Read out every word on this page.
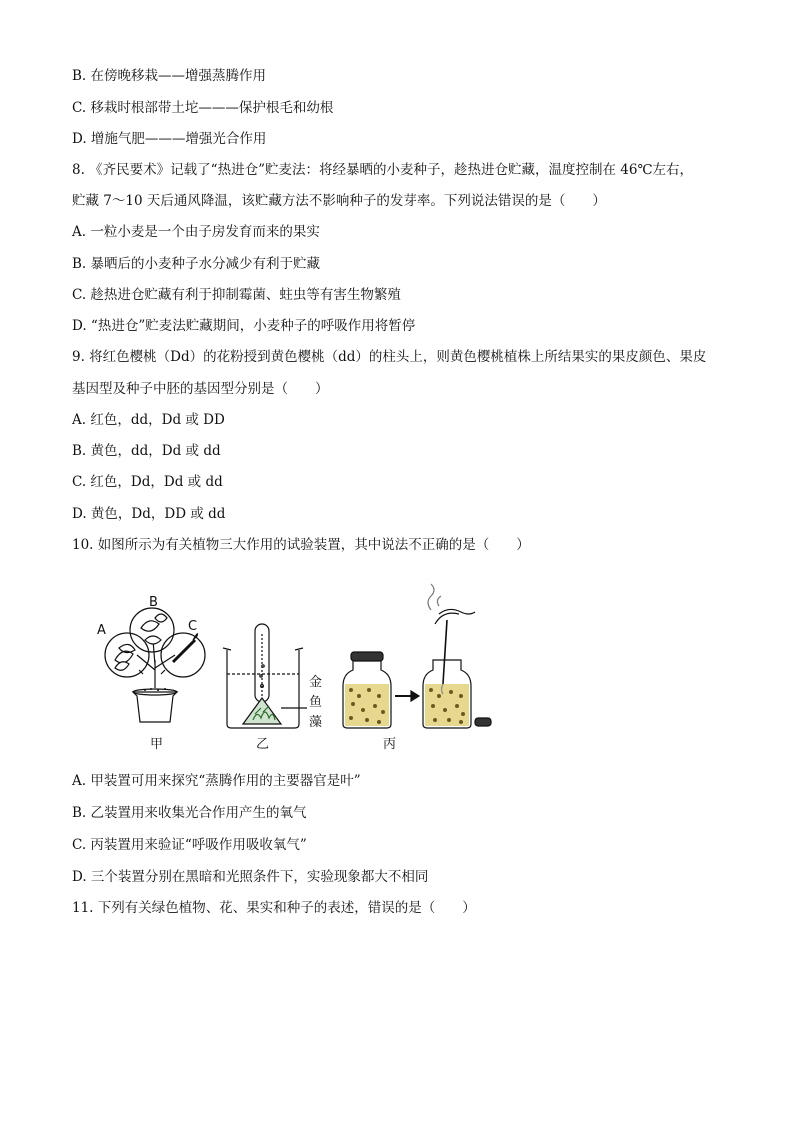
B. 在傍晚移栽——增强蒸腾作用
C. 移栽时根部带土坨———保护根毛和幼根
D. 增施气肥———增强光合作用
8. 《齐民要术》记载了“热进仓”贮麦法：将经暴晒的小麦种子，趁热进仓贮藏，温度控制在 46℃左右，
贮藏 7～10 天后通风降温，该贮藏方法不影响种子的发芽率。下列说法错误的是（　　）
A. 一粒小麦是一个由子房发育而来的果实
B. 暴晒后的小麦种子水分减少有利于贮藏
C. 趁热进仓贮藏有利于抑制霉菌、蛀虫等有害生物繁殖
D. “热进仓”贮麦法贮藏期间，小麦种子的呼吸作用将暂停
9. 将红色樱桃（Dd）的花粉授到黄色樱桃（dd）的柱头上，则黄色樱桃植株上所结果实的果皮颜色、果皮
基因型及种子中胚的基因型分别是（　　）
A. 红色，dd，Dd 或 DD
B. 黄色，dd，Dd 或 dd
C. 红色，Dd，Dd 或 dd
D. 黄色，Dd，DD 或 dd
10. 如图所示为有关植物三大作用的试验装置，其中说法不正确的是（　　）
A
B
C
甲
金
鱼
藻
乙	丙
A. 甲装置可用来探究“蒸腾作用的主要器官是叶”
B. 乙装置用来收集光合作用产生的氧气
C. 丙装置用来验证“呼吸作用吸收氧气”
D. 三个装置分别在黑暗和光照条件下，实验现象都大不相同
11. 下列有关绿色植物、花、果实和种子的表述，错误的是（　　）
